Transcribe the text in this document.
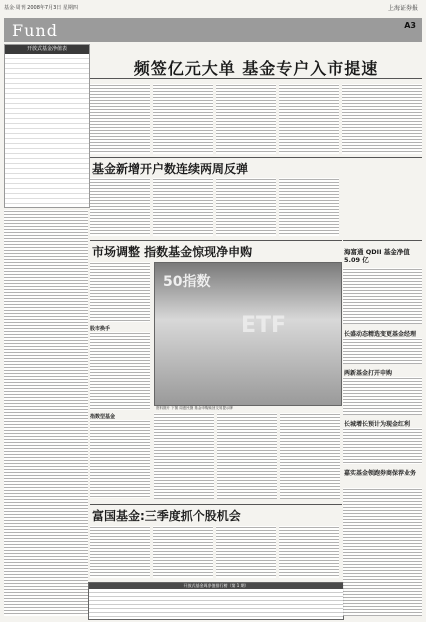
基金·周刊 2008年7月3日 星期四	上海证券报
Fund	A3
开放式基金净值表
频签亿元大单 基金专户入市提速
基金新增开户数连续两周反弹
市场调整 指数基金惊现净申购
股市换手
指数型基金
50指数
ETF
资料图片 下图 周惠民摄 基金申购赎回交易提示牌
富国基金:三季度抓个股机会
开放式基金周净值排行榜（第 1 期）
海富通 QDII 基金净值 5.09 亿
长盛动态精选变更基金经理
两新基金打开申购
长城增长预计为现金红利
嘉实基金领跑券商保荐业务
